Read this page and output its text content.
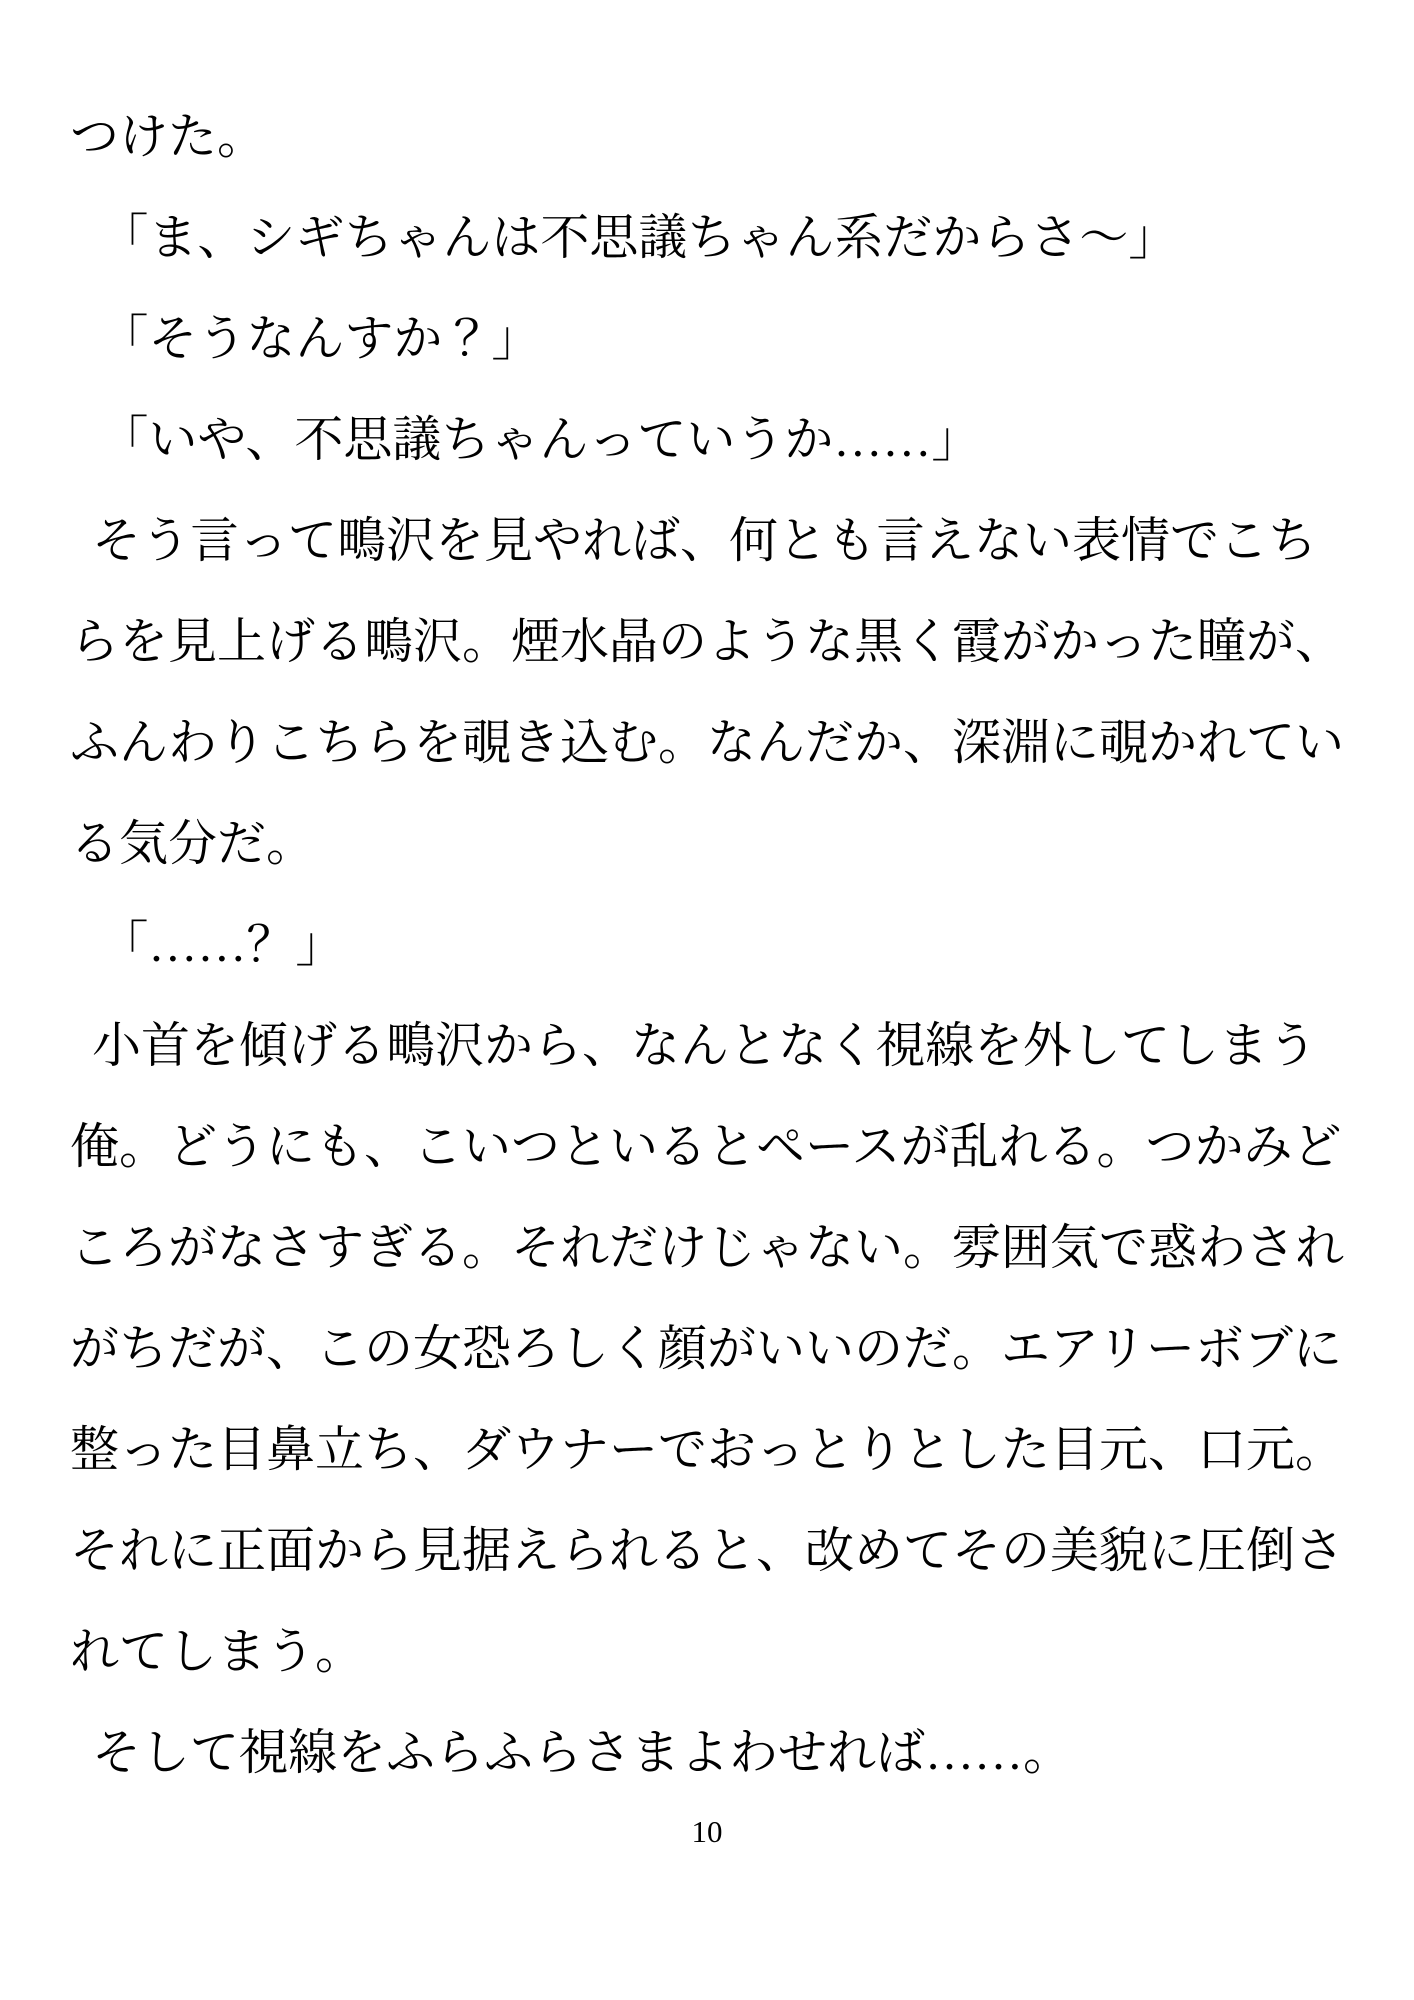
つけた。

「ま、シギちゃんは不思議ちゃん系だからさ〜」

「そうなんすか？」

「いや、不思議ちゃんっていうか……」

そう言って鴫沢を見やれば、何とも言えない表情でこち

らを見上げる鴫沢。煙水晶のような黒く霞がかった瞳が、

ふんわりこちらを覗き込む。なんだか、深淵に覗かれてい

る気分だ。

「……？」

小首を傾げる鴫沢から、なんとなく視線を外してしまう

俺。どうにも、こいつといるとペースが乱れる。つかみど

ころがなさすぎる。それだけじゃない。雰囲気で惑わされ

がちだが、この女恐ろしく顔がいいのだ。エアリーボブに

整った目鼻立ち、ダウナーでおっとりとした目元、口元。

それに正面から見据えられると、改めてその美貌に圧倒さ

れてしまう。

そして視線をふらふらさまよわせれば……。

10
